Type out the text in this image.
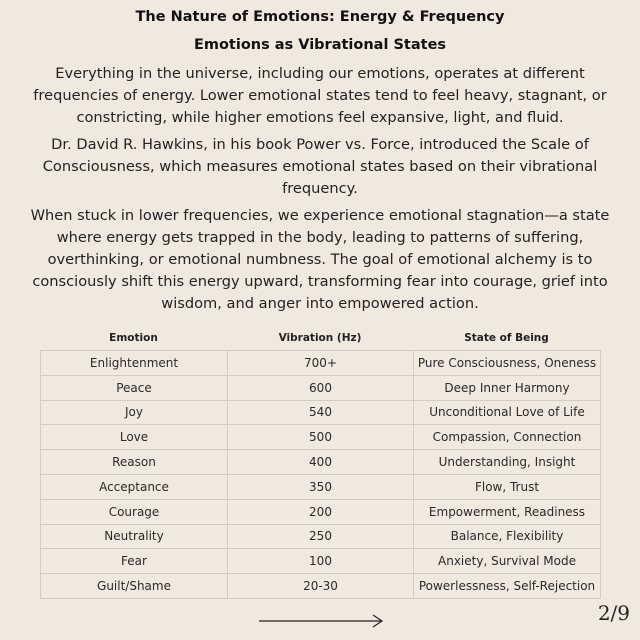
The Nature of Emotions: Energy & Frequency
Emotions as Vibrational States
Everything in the universe, including our emotions, operates at different frequencies of energy. Lower emotional states tend to feel heavy, stagnant, or constricting, while higher emotions feel expansive, light, and fluid.
Dr. David R. Hawkins, in his book Power vs. Force, introduced the Scale of Consciousness, which measures emotional states based on their vibrational frequency.
When stuck in lower frequencies, we experience emotional stagnation—a state where energy gets trapped in the body, leading to patterns of suffering, overthinking, or emotional numbness. The goal of emotional alchemy is to consciously shift this energy upward, transforming fear into courage, grief into wisdom, and anger into empowered action.
Emotion	Vibration (Hz)	State of Being
Enlightenment	700+	Pure Consciousness, Oneness
Peace	600	Deep Inner Harmony
Joy	540	Unconditional Love of Life
Love	500	Compassion, Connection
Reason	400	Understanding, Insight
Acceptance	350	Flow, Trust
Courage	200	Empowerment, Readiness
Neutrality	250	Balance, Flexibility
Fear	100	Anxiety, Survival Mode
Guilt/Shame	20-30	Powerlessness, Self-Rejection
2/9
